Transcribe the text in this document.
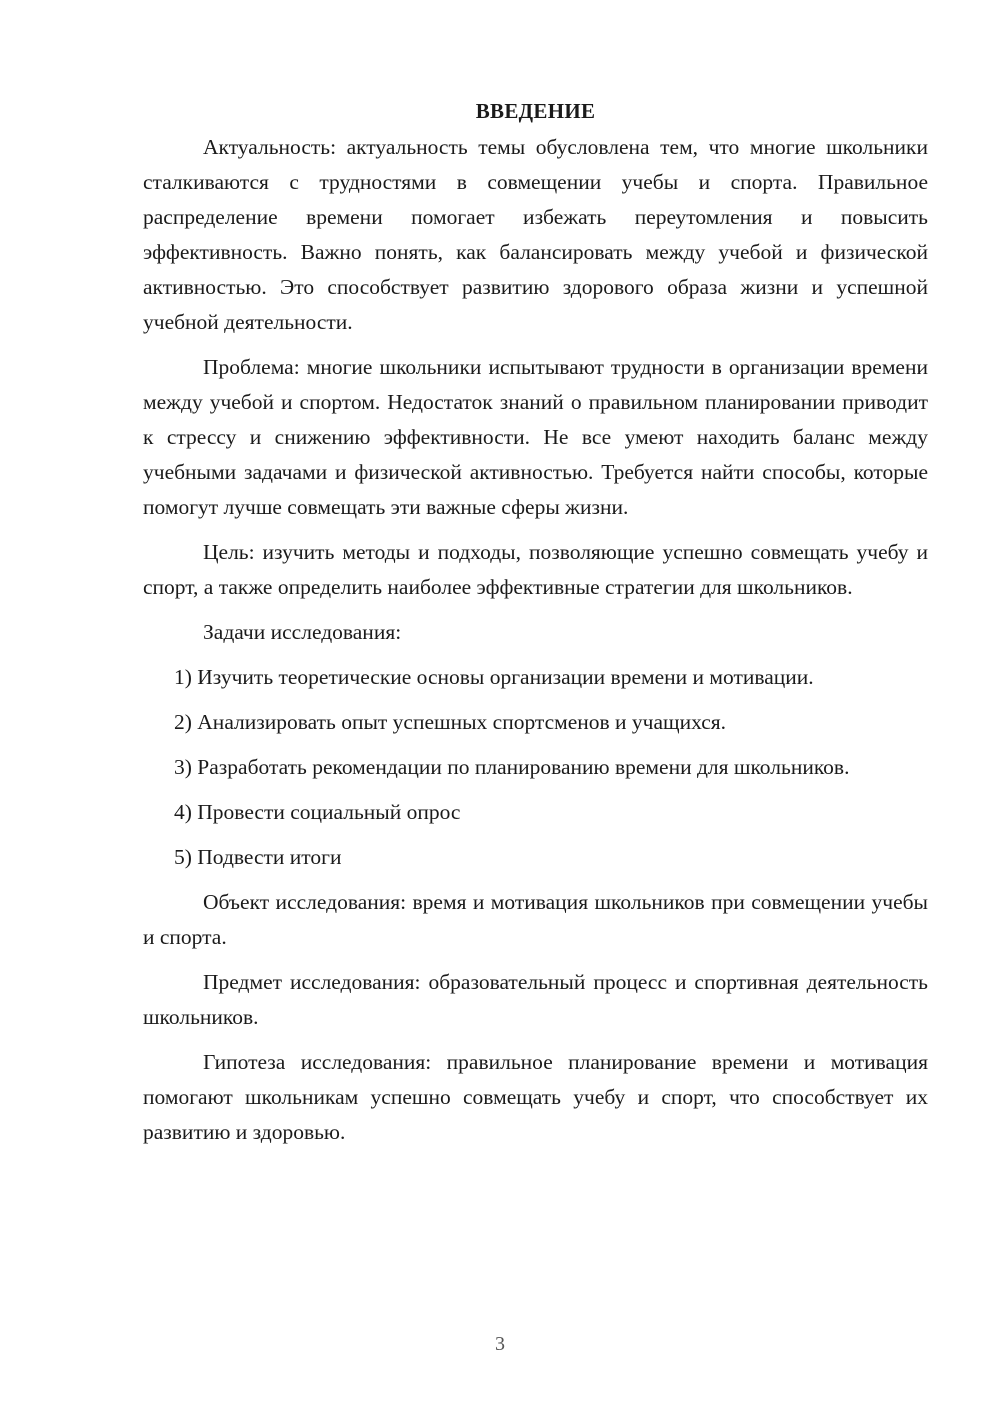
ВВЕДЕНИЕ

Актуальность: актуальность темы обусловлена тем, что многие школьники сталкиваются с трудностями в совмещении учебы и спорта. Правильное распределение времени помогает избежать переутомления и повысить эффективность. Важно понять, как балансировать между учебой и физической активностью. Это способствует развитию здорового образа жизни и успешной учебной деятельности.

Проблема: многие школьники испытывают трудности в организации времени между учебой и спортом. Недостаток знаний о правильном планировании приводит к стрессу и снижению эффективности. Не все умеют находить баланс между учебными задачами и физической активностью. Требуется найти способы, которые помогут лучше совмещать эти важные сферы жизни.

Цель: изучить методы и подходы, позволяющие успешно совмещать учебу и спорт, а также определить наиболее эффективные стратегии для школьников.

Задачи исследования:

1) Изучить теоретические основы организации времени и мотивации.

2) Анализировать опыт успешных спортсменов и учащихся.

3) Разработать рекомендации по планированию времени для школьников.

4) Провести социальный опрос

5) Подвести итоги

Объект исследования: время и мотивация школьников при совмещении учебы и спорта.

Предмет исследования: образовательный процесс и спортивная деятельность школьников.

Гипотеза исследования: правильное планирование времени и мотивация помогают школьникам успешно совмещать учебу и спорт, что способствует их развитию и здоровью.

3
